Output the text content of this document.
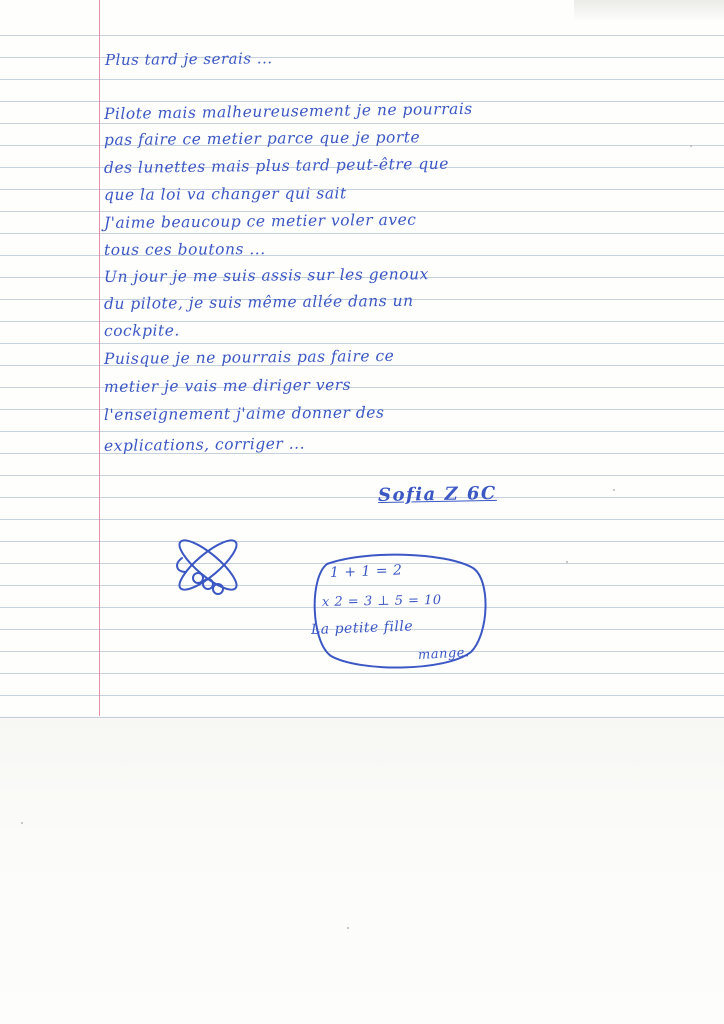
Plus tard je serais ...
Pilote mais malheureusement je ne pourrais
pas faire ce metier parce que je porte
des lunettes mais plus tard peut-être que
que la loi va changer qui sait
J'aime beaucoup ce metier voler avec
tous ces boutons ...
Un jour je me suis assis sur les genoux
du pilote, je suis même allée dans un
cockpite.
Puisque je ne pourrais pas faire ce
metier je vais me diriger vers
l'enseignement j'aime donner des
explications, corriger ...
Sofia Z 6C
1 + 1 = 2
x 2 = 3 ⊥ 5 = 10
La petite fille
mange.
